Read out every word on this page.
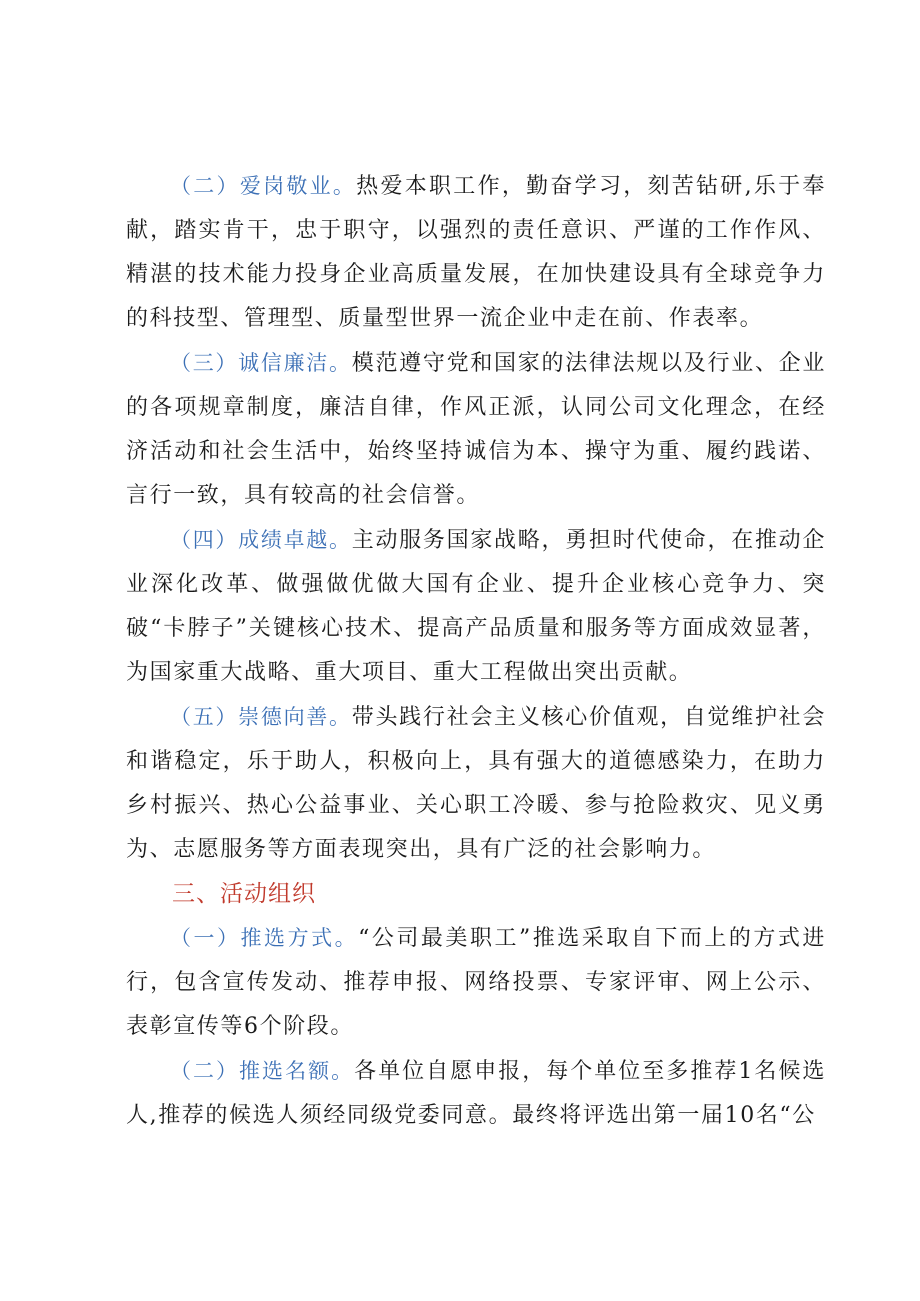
（二）爱岗敬业。热爱本职工作，勤奋学习，刻苦钻研,乐于奉献，踏实肯干，忠于职守，以强烈的责任意识、严谨的工作作风、精湛的技术能力投身企业高质量发展，在加快建设具有全球竞争力的科技型、管理型、质量型世界一流企业中走在前、作表率。

（三）诚信廉洁。模范遵守党和国家的法律法规以及行业、企业的各项规章制度，廉洁自律，作风正派，认同公司文化理念，在经济活动和社会生活中，始终坚持诚信为本、操守为重、履约践诺、言行一致，具有较高的社会信誉。

（四）成绩卓越。主动服务国家战略，勇担时代使命，在推动企业深化改革、做强做优做大国有企业、提升企业核心竞争力、突破“卡脖子”关键核心技术、提高产品质量和服务等方面成效显著，为国家重大战略、重大项目、重大工程做出突出贡献。

（五）崇德向善。带头践行社会主义核心价值观，自觉维护社会和谐稳定，乐于助人，积极向上，具有强大的道德感染力，在助力乡村振兴、热心公益事业、关心职工冷暖、参与抢险救灾、见义勇为、志愿服务等方面表现突出，具有广泛的社会影响力。

三、活动组织

（一）推选方式。“公司最美职工”推选采取自下而上的方式进行，包含宣传发动、推荐申报、网络投票、专家评审、网上公示、表彰宣传等6个阶段。

（二）推选名额。各单位自愿申报，每个单位至多推荐1名候选人,推荐的候选人须经同级党委同意。最终将评选出第一届10名“公
